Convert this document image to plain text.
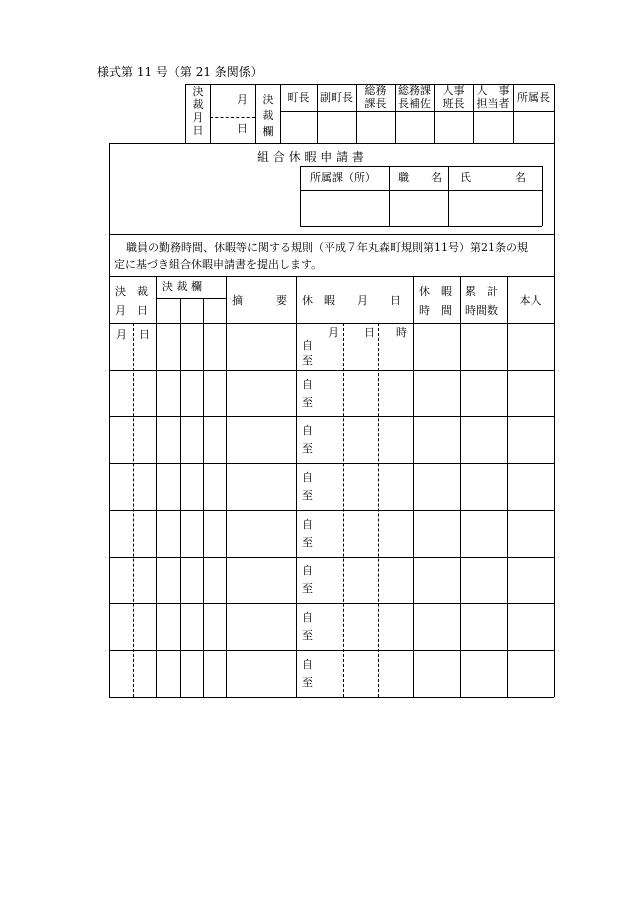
様式第 11 号（第 21 条関係）
決裁月日
月
日
決裁欄
町長 副町長
総務
課長
総務課
長補佐
人事
班長
人　事
担当者 所属長
組 合 休 暇 申 請 書
所属課（所） 職　　名 氏　　　　名
職員の勤務時間、休暇等に関する規則（平成７年丸森町規則第11号）第21条の規
定に基づき組合休暇申請書を提出します。
決　裁
月　日
決 裁 欄
摘　　　要 休　暇　　月　　日
休　暇
時　間
累　計
時間数
本人
月 日	月 日 時
自
至
自
至
自
至
自
至
自
至
自
至
自
至
自
至
